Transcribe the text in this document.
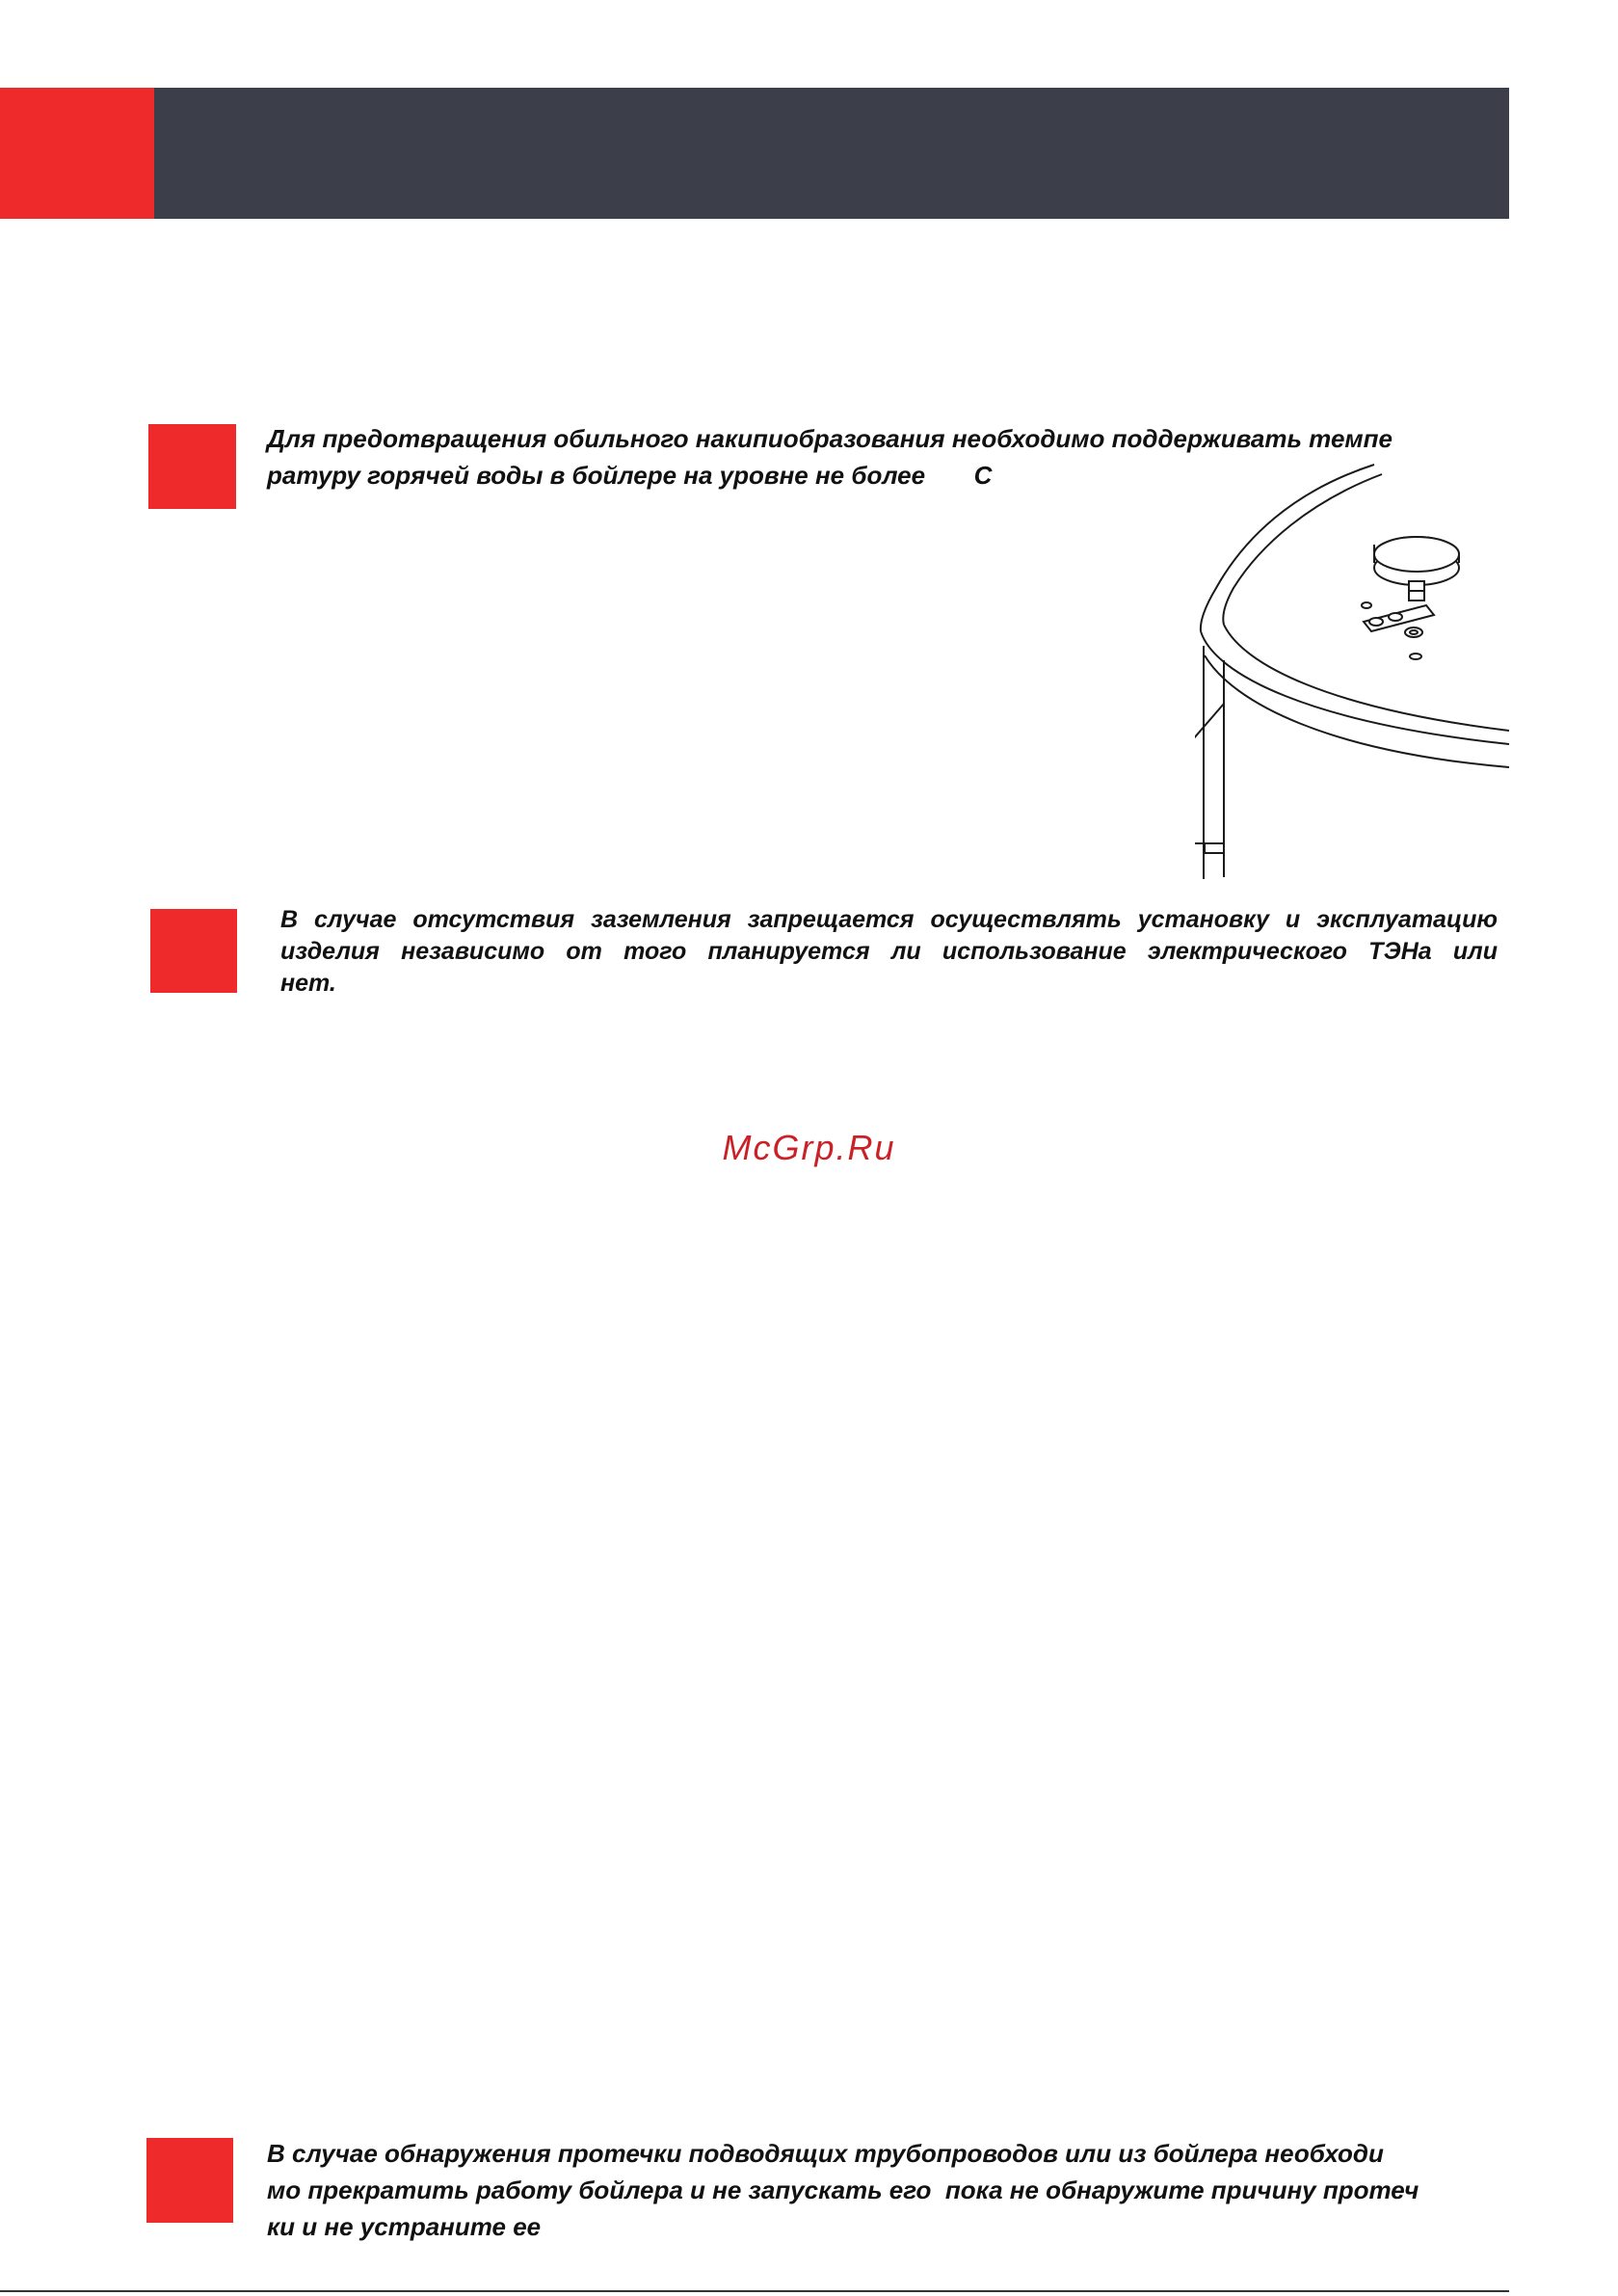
Для предотвращения обильного накипиобразования необходимо поддерживать темпе
ратуру горячей воды в бойлере на уровне не более       С

В случае отсутствия заземления запрещается осуществлять установку и эксплуатацию
изделия независимо от того планируется ли использование электрического ТЭНа или
нет.

McGrp.Ru

В случае обнаружения протечки подводящих трубопроводов или из бойлера необходи
мо прекратить работу бойлера и не запускать его  пока не обнаружите причину протеч
ки и не устраните ее
